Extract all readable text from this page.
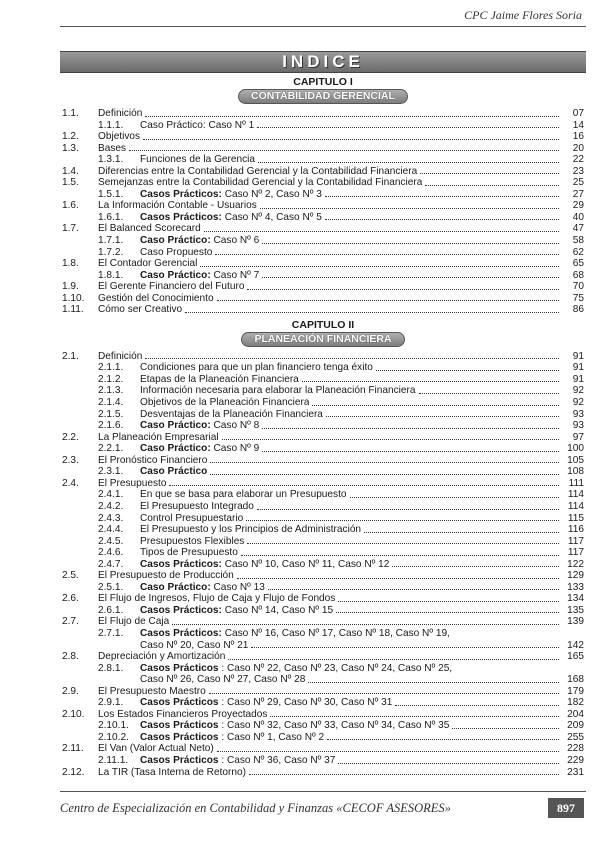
CPC Jaime Flores Soria
INDICE
CAPITULO I
CONTABILIDAD GERENCIAL
1.1.	Definición	07
1.1.1.	Caso Práctico: Caso Nº 1	14
1.2.	Objetivos	16
1.3.	Bases	20
1.3.1.	Funciones de la Gerencia	22
1.4.	Diferencias entre la Contabilidad Gerencial y la Contabilidad Financiera	23
1.5.	Semejanzas entre la Contabilidad Gerencial y la Contabilidad Financiera	25
1.5.1.	Casos Prácticos: Caso Nº 2, Caso Nº 3	27
1.6.	La Información Contable - Usuarios	29
1.6.1.	Casos Prácticos: Caso Nº 4, Caso Nº 5	40
1.7.	El Balanced Scorecard	47
1.7.1.	Caso Práctico: Caso Nº 6	58
1.7.2.	Caso Propuesto	62
1.8.	El Contador Gerencial	65
1.8.1.	Caso Práctico: Caso Nº 7	68
1.9.	El Gerente Financiero del Futuro	70
1.10.	Gestión del Conocimiento	75
1.11.	Cómo ser Creativo	86
CAPITULO II
PLANEACIÓN FINANCIERA
2.1.	Definición	91
2.1.1.	Condiciones para que un plan financiero tenga éxito	91
2.1.2.	Etapas de la Planeación Financiera	91
2.1.3.	Información necesaria para elaborar la Planeación Financiera	92
2.1.4.	Objetivos de la Planeación Financiera	92
2.1.5.	Desventajas de la Planeación Financiera	93
2.1.6.	Caso Práctico: Caso Nº 8	93
2.2.	La Planeación Empresarial	97
2.2.1.	Caso Práctico: Caso Nº 9	100
2.3.	El Pronóstico Financiero	105
2.3.1.	Caso Práctico	108
2.4.	El Presupuesto	111
2.4.1.	En que se basa para elaborar un Presupuesto	114
2.4.2.	El Presupuesto Integrado	114
2.4.3.	Control Presupuestario	115
2.4.4.	El Presupuesto y los Principios de Administración	116
2.4.5.	Presupuestos Flexibles	117
2.4.6.	Tipos de Presupuesto	117
2.4.7.	Casos Prácticos: Caso Nº 10, Caso Nº 11, Caso Nº 12	122
2.5.	El Presupuesto de Producción	129
2.5.1.	Caso Práctico: Caso Nº 13	133
2.6.	El Flujo de Ingresos, Flujo de Caja y Flujo de Fondos	134
2.6.1.	Casos Prácticos: Caso Nº 14, Caso Nº 15	135
2.7.	El Flujo de Caja	139
2.7.1.	Casos Prácticos: Caso Nº 16, Caso Nº 17, Caso Nº 18, Caso Nº 19,
Caso Nº 20, Caso Nº 21	142
2.8.	Depreciación y Amortización	165
2.8.1.	Casos Prácticos : Caso Nº 22, Caso Nº 23, Caso Nº 24, Caso Nº 25,
Caso Nº 26, Caso Nº 27, Caso Nº 28	168
2.9.	El Presupuesto Maestro	179
2.9.1.	Casos Prácticos : Caso Nº 29, Caso Nº 30, Caso Nº 31	182
2.10.	Los Estados Financieros Proyectados	204
2.10.1.	Casos Prácticos : Caso Nº 32, Caso Nº 33, Caso Nº 34, Caso Nº 35	209
2.10.2.	Casos Prácticos : Caso Nº 1, Caso Nº 2	255
2.11.	El Van (Valor Actual Neto)	228
2.11.1.	Casos Prácticos : Caso Nº 36, Caso Nº 37	229
2.12.	La TIR (Tasa Interna de Retorno)	231
Centro de Especialización en Contabilidad y Finanzas «CECOF ASESORES»	897
